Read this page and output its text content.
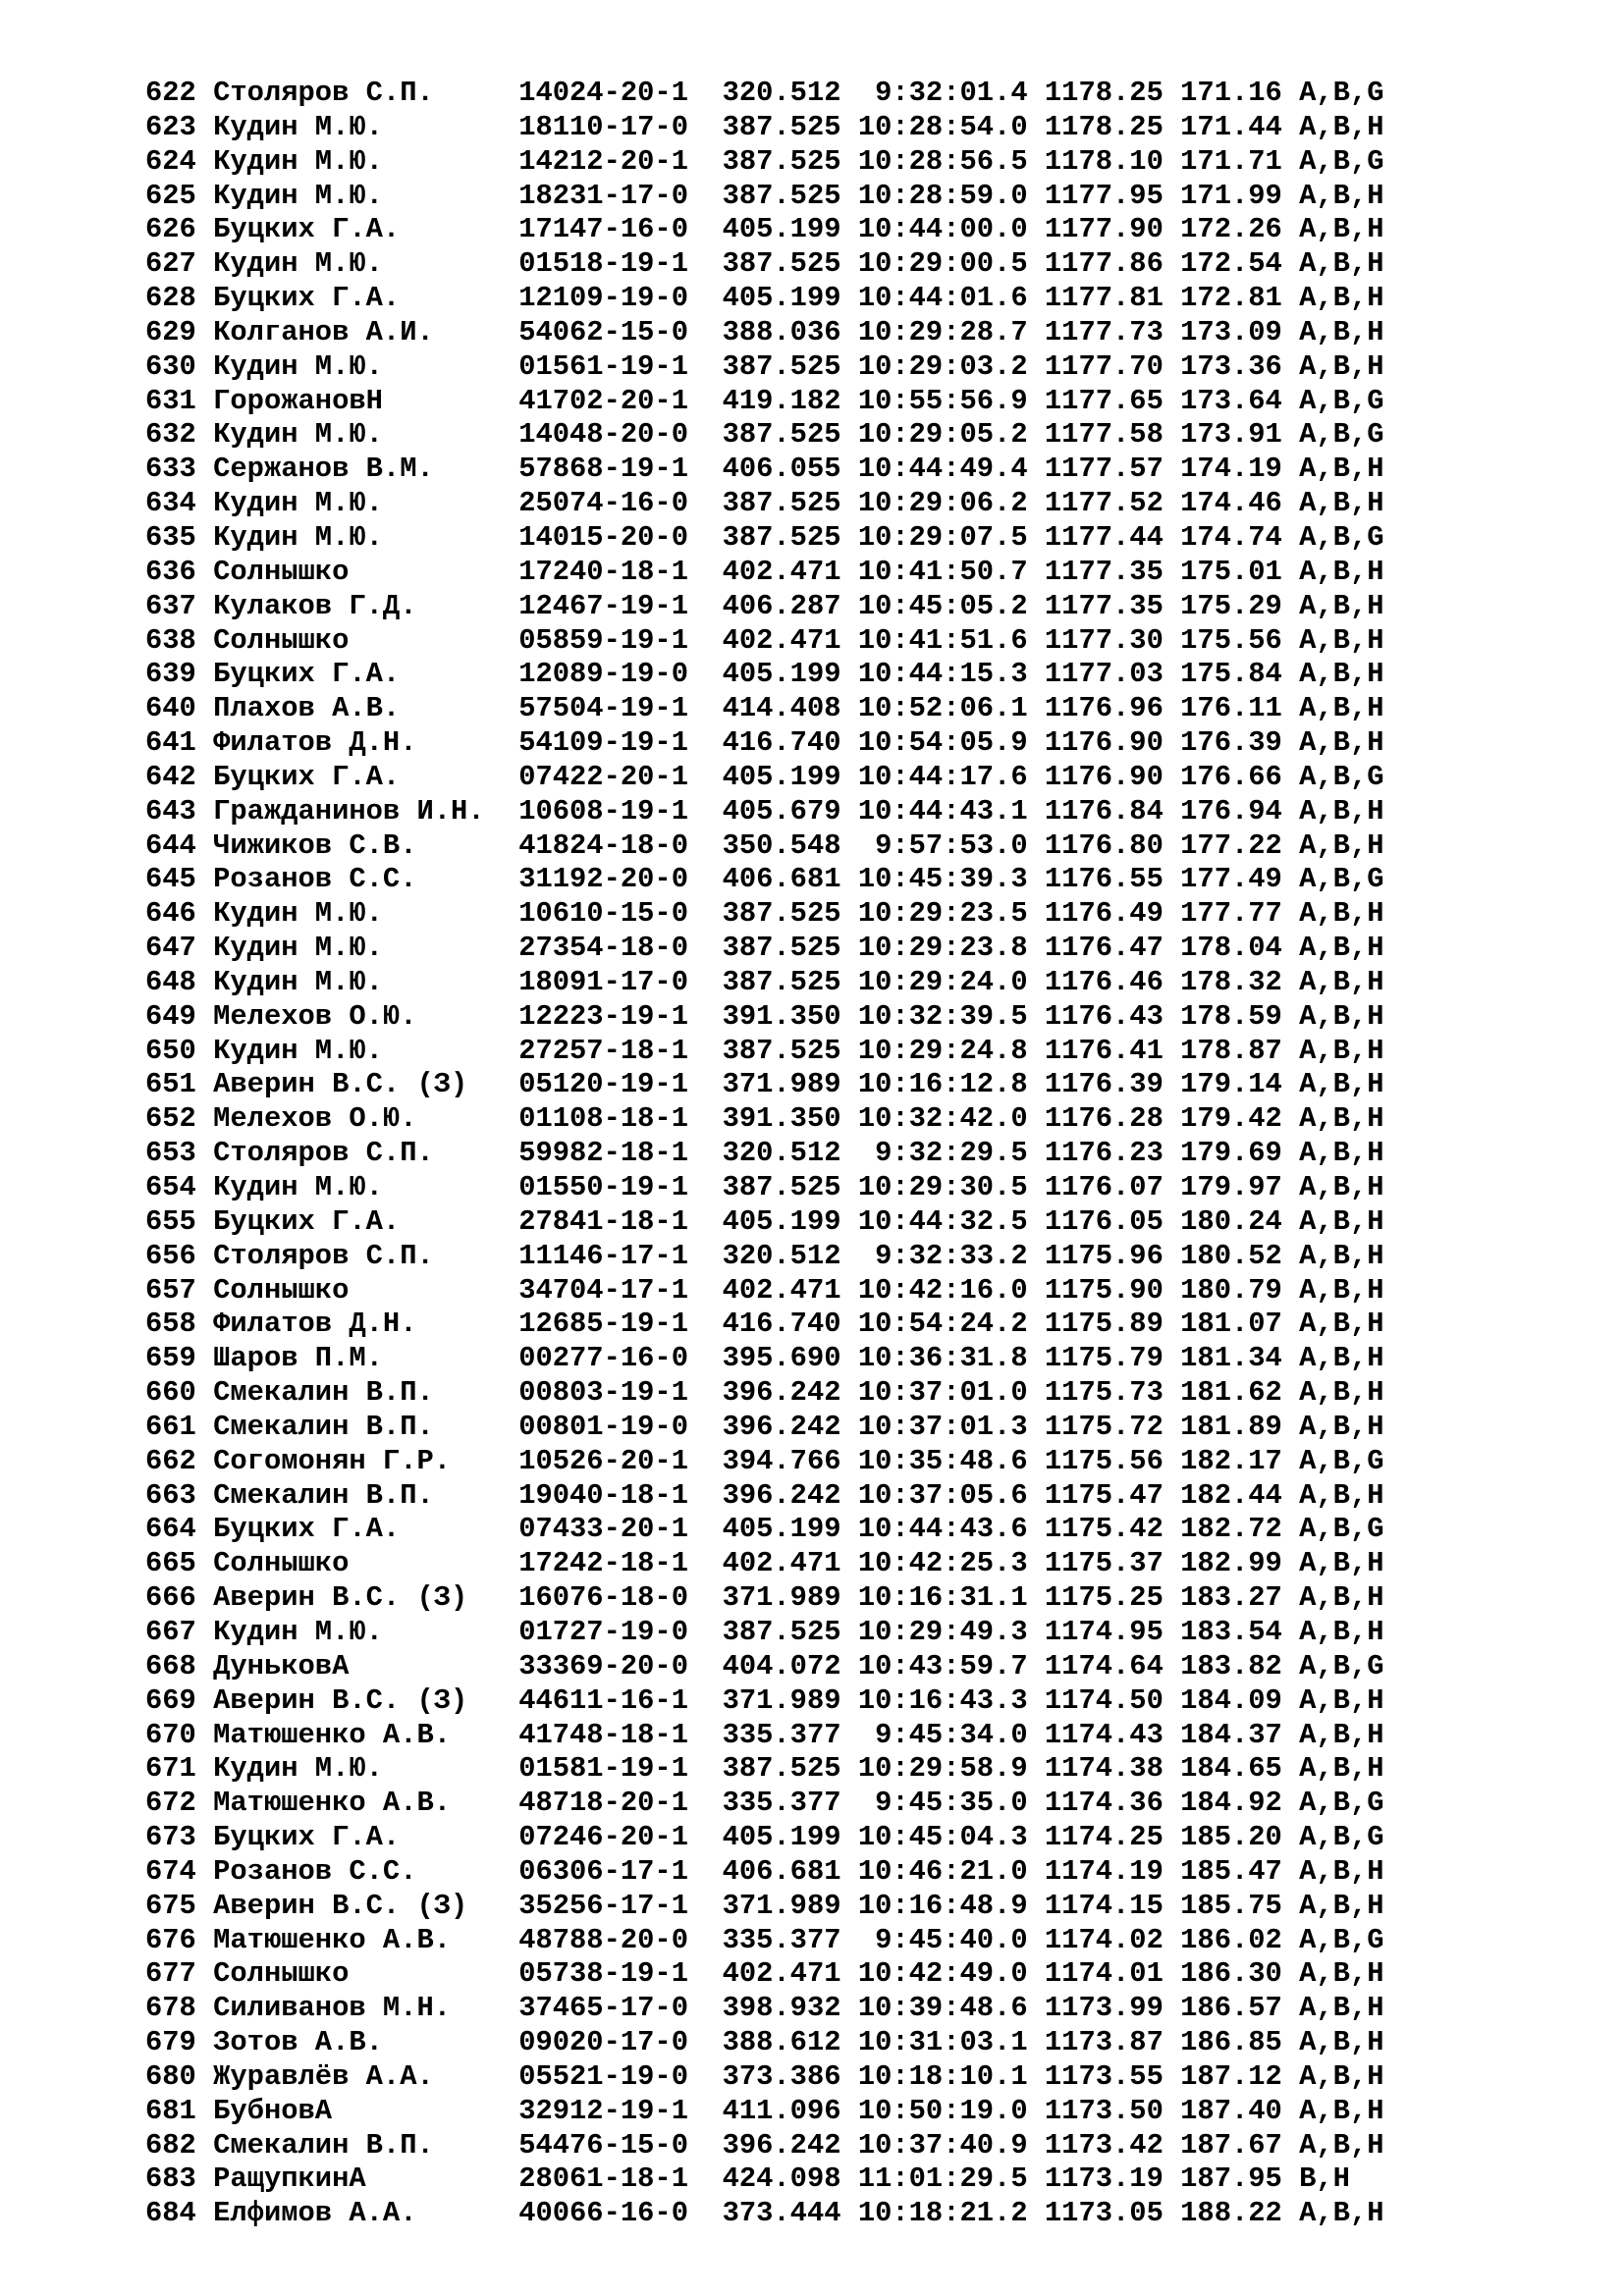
622 Столяров С.П.	14024-20-1 320.512 9:32:01.4 1178.25 171.16 A,B,G
623 Кудин М.Ю.	18110-17-0 387.525 10:28:54.0 1178.25 171.44 A,B,H
624 Кудин М.Ю.	14212-20-1 387.525 10:28:56.5 1178.10 171.71 A,B,G
625 Кудин М.Ю.	18231-17-0 387.525 10:28:59.0 1177.95 171.99 A,B,H
626 Буцких Г.А.	17147-16-0 405.199 10:44:00.0 1177.90 172.26 A,B,H
627 Кудин М.Ю.	01518-19-1 387.525 10:29:00.5 1177.86 172.54 A,B,H
628 Буцких Г.А.	12109-19-0 405.199 10:44:01.6 1177.81 172.81 A,B,H
629 Колганов А.И.	54062-15-0 388.036 10:29:28.7 1177.73 173.09 A,B,H
630 Кудин М.Ю.	01561-19-1 387.525 10:29:03.2 1177.70 173.36 A,B,H
631 ГорожановН	41702-20-1 419.182 10:55:56.9 1177.65 173.64 A,B,G
632 Кудин М.Ю.	14048-20-0 387.525 10:29:05.2 1177.58 173.91 A,B,G
633 Сержанов В.М.	57868-19-1 406.055 10:44:49.4 1177.57 174.19 A,B,H
634 Кудин М.Ю.	25074-16-0 387.525 10:29:06.2 1177.52 174.46 A,B,H
635 Кудин М.Ю.	14015-20-0 387.525 10:29:07.5 1177.44 174.74 A,B,G
636 Солнышко	17240-18-1 402.471 10:41:50.7 1177.35 175.01 A,B,H
637 Кулаков Г.Д.	12467-19-1 406.287 10:45:05.2 1177.35 175.29 A,B,H
638 Солнышко	05859-19-1 402.471 10:41:51.6 1177.30 175.56 A,B,H
639 Буцких Г.А.	12089-19-0 405.199 10:44:15.3 1177.03 175.84 A,B,H
640 Плахов А.В.	57504-19-1 414.408 10:52:06.1 1176.96 176.11 A,B,H
641 Филатов Д.Н.	54109-19-1 416.740 10:54:05.9 1176.90 176.39 A,B,H
642 Буцких Г.А.	07422-20-1 405.199 10:44:17.6 1176.90 176.66 A,B,G
643 Гражданинов И.Н. 10608-19-1 405.679 10:44:43.1 1176.84 176.94 A,B,H
644 Чижиков С.В.	41824-18-0 350.548 9:57:53.0 1176.80 177.22 A,B,H
645 Розанов С.С.	31192-20-0 406.681 10:45:39.3 1176.55 177.49 A,B,G
646 Кудин М.Ю.	10610-15-0 387.525 10:29:23.5 1176.49 177.77 A,B,H
647 Кудин М.Ю.	27354-18-0 387.525 10:29:23.8 1176.47 178.04 A,B,H
648 Кудин М.Ю.	18091-17-0 387.525 10:29:24.0 1176.46 178.32 A,B,H
649 Мелехов О.Ю.	12223-19-1 391.350 10:32:39.5 1176.43 178.59 A,B,H
650 Кудин М.Ю.	27257-18-1 387.525 10:29:24.8 1176.41 178.87 A,B,H
651 Аверин В.С. (З) 05120-19-1 371.989 10:16:12.8 1176.39 179.14 A,B,H
652 Мелехов О.Ю.	01108-18-1 391.350 10:32:42.0 1176.28 179.42 A,B,H
653 Столяров С.П.	59982-18-1 320.512 9:32:29.5 1176.23 179.69 A,B,H
654 Кудин М.Ю.	01550-19-1 387.525 10:29:30.5 1176.07 179.97 A,B,H
655 Буцких Г.А.	27841-18-1 405.199 10:44:32.5 1176.05 180.24 A,B,H
656 Столяров С.П.	11146-17-1 320.512 9:32:33.2 1175.96 180.52 A,B,H
657 Солнышко	34704-17-1 402.471 10:42:16.0 1175.90 180.79 A,B,H
658 Филатов Д.Н.	12685-19-1 416.740 10:54:24.2 1175.89 181.07 A,B,H
659 Шаров П.М.	00277-16-0 395.690 10:36:31.8 1175.79 181.34 A,B,H
660 Смекалин В.П.	00803-19-1 396.242 10:37:01.0 1175.73 181.62 A,B,H
661 Смекалин В.П.	00801-19-0 396.242 10:37:01.3 1175.72 181.89 A,B,H
662 Согомонян Г.Р. 10526-20-1 394.766 10:35:48.6 1175.56 182.17 A,B,G
663 Смекалин В.П.	19040-18-1 396.242 10:37:05.6 1175.47 182.44 A,B,H
664 Буцких Г.А.	07433-20-1 405.199 10:44:43.6 1175.42 182.72 A,B,G
665 Солнышко	17242-18-1 402.471 10:42:25.3 1175.37 182.99 A,B,H
666 Аверин В.С. (З) 16076-18-0 371.989 10:16:31.1 1175.25 183.27 A,B,H
667 Кудин М.Ю.	01727-19-0 387.525 10:29:49.3 1174.95 183.54 A,B,H
668 ДуньковА	33369-20-0 404.072 10:43:59.7 1174.64 183.82 A,B,G
669 Аверин В.С. (З) 44611-16-1 371.989 10:16:43.3 1174.50 184.09 A,B,H
670 Матюшенко А.В. 41748-18-1 335.377 9:45:34.0 1174.43 184.37 A,B,H
671 Кудин М.Ю.	01581-19-1 387.525 10:29:58.9 1174.38 184.65 A,B,H
672 Матюшенко А.В. 48718-20-1 335.377 9:45:35.0 1174.36 184.92 A,B,G
673 Буцких Г.А.	07246-20-1 405.199 10:45:04.3 1174.25 185.20 A,B,G
674 Розанов С.С.	06306-17-1 406.681 10:46:21.0 1174.19 185.47 A,B,H
675 Аверин В.С. (З) 35256-17-1 371.989 10:16:48.9 1174.15 185.75 A,B,H
676 Матюшенко А.В. 48788-20-0 335.377 9:45:40.0 1174.02 186.02 A,B,G
677 Солнышко	05738-19-1 402.471 10:42:49.0 1174.01 186.30 A,B,H
678 Силиванов М.Н. 37465-17-0 398.932 10:39:48.6 1173.99 186.57 A,B,H
679 Зотов А.В.	09020-17-0 388.612 10:31:03.1 1173.87 186.85 A,B,H
680 Журавлёв А.А.	05521-19-0 373.386 10:18:10.1 1173.55 187.12 A,B,H
681 БубновА	32912-19-1 411.096 10:50:19.0 1173.50 187.40 A,B,H
682 Смекалин В.П.	54476-15-0 396.242 10:37:40.9 1173.42 187.67 A,B,H
683 РащупкинА	28061-18-1 424.098 11:01:29.5 1173.19 187.95 B,H
684 Елфимов А.А.	40066-16-0 373.444 10:18:21.2 1173.05 188.22 A,B,H
